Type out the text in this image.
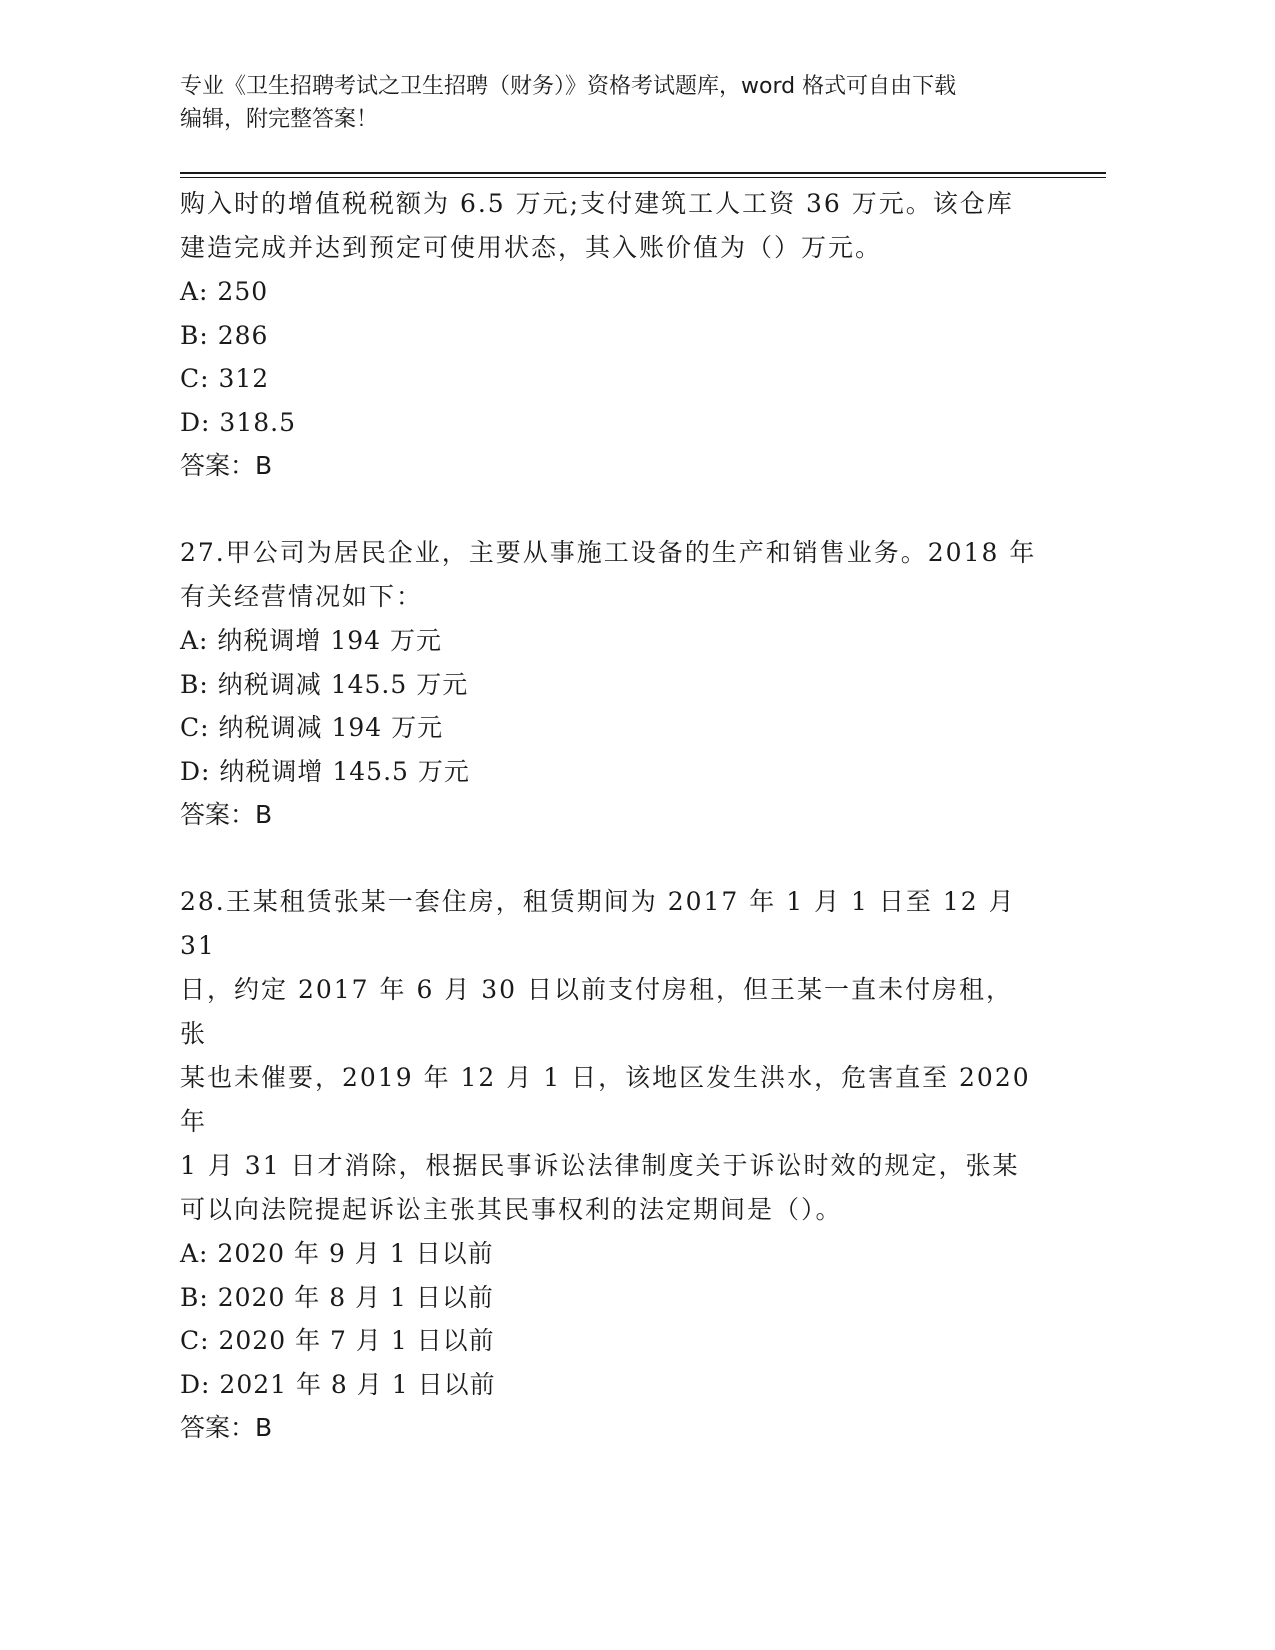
专业《卫生招聘考试之卫生招聘（财务）》资格考试题库，word 格式可自由下载
编辑，附完整答案！

购入时的增值税税额为 6.5 万元;支付建筑工人工资 36 万元。该仓库

建造完成并达到预定可使用状态，其入账价值为（）万元。

A: 250

B: 286

C: 312

D: 318.5

答案：B

27.甲公司为居民企业，主要从事施工设备的生产和销售业务。2018 年

有关经营情况如下：

A: 纳税调增 194 万元

B: 纳税调减 145.5 万元

C: 纳税调减 194 万元

D: 纳税调增 145.5 万元

答案：B

28.王某租赁张某一套住房，租赁期间为 2017 年 1 月 1 日至 12 月 31

日，约定 2017 年 6 月 30 日以前支付房租，但王某一直未付房租，张

某也未催要，2019 年 12 月 1 日，该地区发生洪水，危害直至 2020 年

1 月 31 日才消除，根据民事诉讼法律制度关于诉讼时效的规定，张某

可以向法院提起诉讼主张其民事权利的法定期间是（）。

A: 2020 年 9 月 1 日以前

B: 2020 年 8 月 1 日以前

C: 2020 年 7 月 1 日以前

D: 2021 年 8 月 1 日以前

答案：B
